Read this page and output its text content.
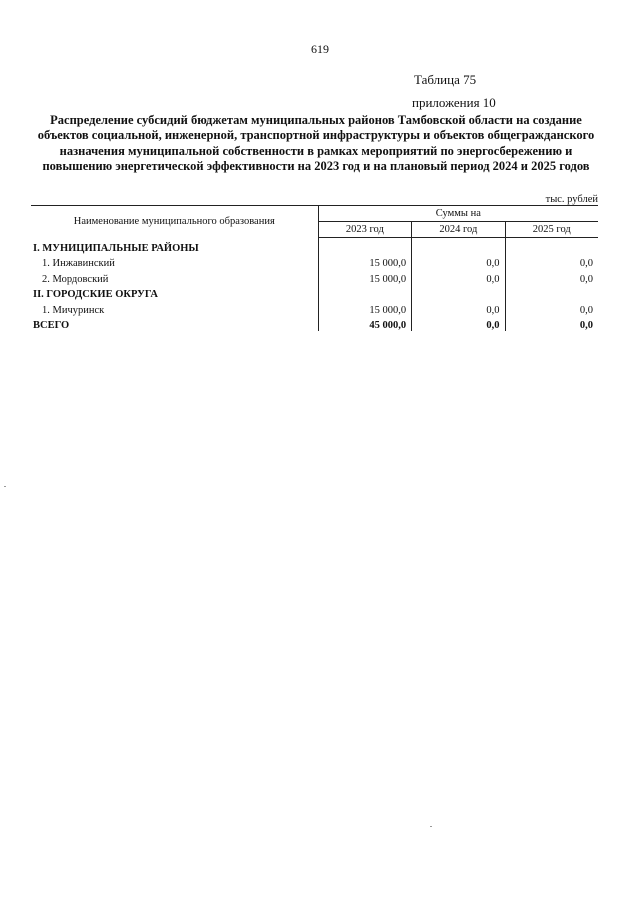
619
Таблица 75
приложения 10
Распределение субсидий бюджетам муниципальных районов Тамбовской области на создание объектов социальной, инженерной, транспортной инфраструктуры и объектов общегражданского назначения муниципальной собственности в рамках мероприятий по энергосбережению и повышению энергетической эффективности на 2023 год и на плановый период 2024 и 2025 годов
тыс. рублей
Наименование муниципального образования	Суммы на		
	2023 год	2024 год	2025 год
I. МУНИЦИПАЛЬНЫЕ РАЙОНЫ			
1. Инжавинский	15 000,0	0,0	0,0
2. Мордовский	15 000,0	0,0	0,0
II. ГОРОДСКИЕ ОКРУГА			
1. Мичуринск	15 000,0	0,0	0,0
ВСЕГО	45 000,0	0,0	0,0
